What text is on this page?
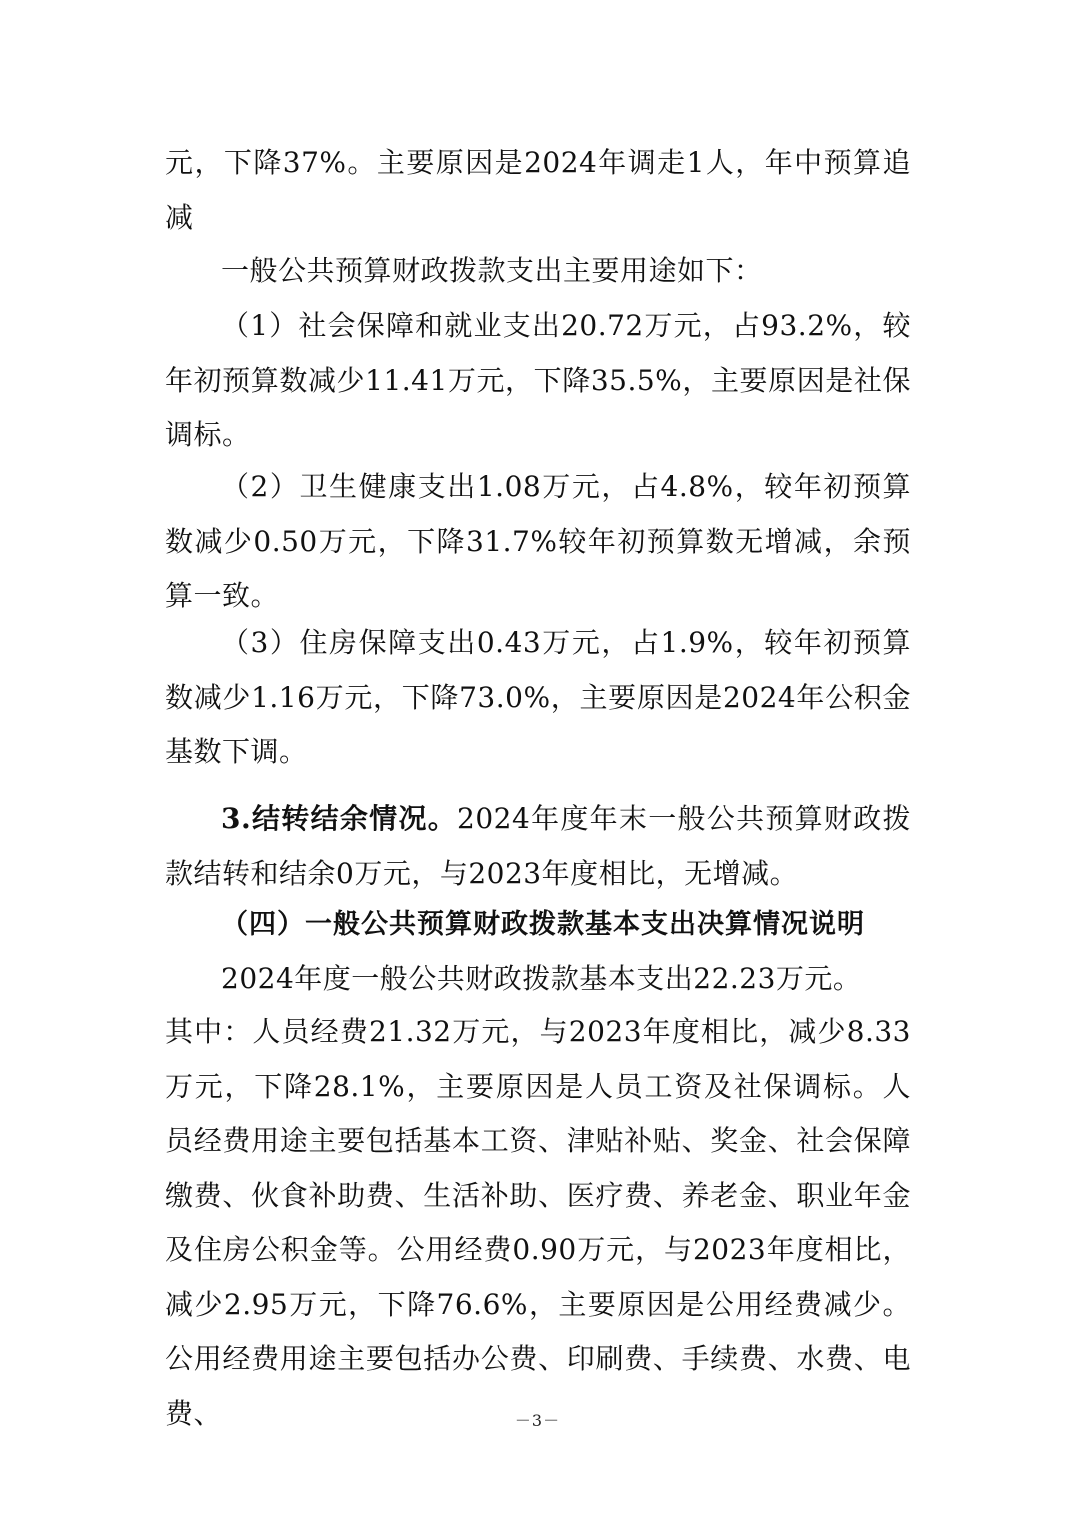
元，下降37%。主要原因是2024年调走1人，年中预算追减

一般公共预算财政拨款支出主要用途如下：

（1）社会保障和就业支出20.72万元，占93.2%，较年初预算数减少11.41万元，下降35.5%，主要原因是社保调标。

（2）卫生健康支出1.08万元，占4.8%，较年初预算数减少0.50万元，下降31.7%较年初预算数无增减，余预算一致。

（3）住房保障支出0.43万元，占1.9%，较年初预算数减少1.16万元，下降73.0%，主要原因是2024年公积金基数下调。

3.结转结余情况。2024年度年末一般公共预算财政拨款结转和结余0万元，与2023年度相比，无增减。

（四）一般公共预算财政拨款基本支出决算情况说明

2024年度一般公共财政拨款基本支出22.23万元。

其中：人员经费21.32万元，与2023年度相比，减少8.33万元，下降28.1%，主要原因是人员工资及社保调标。人员经费用途主要包括基本工资、津贴补贴、奖金、社会保障缴费、伙食补助费、生活补助、医疗费、养老金、职业年金及住房公积金等。公用经费0.90万元，与2023年度相比，减少2.95万元，下降76.6%，主要原因是公用经费减少。公用经费用途主要包括办公费、印刷费、手续费、水费、电费、	－3－
